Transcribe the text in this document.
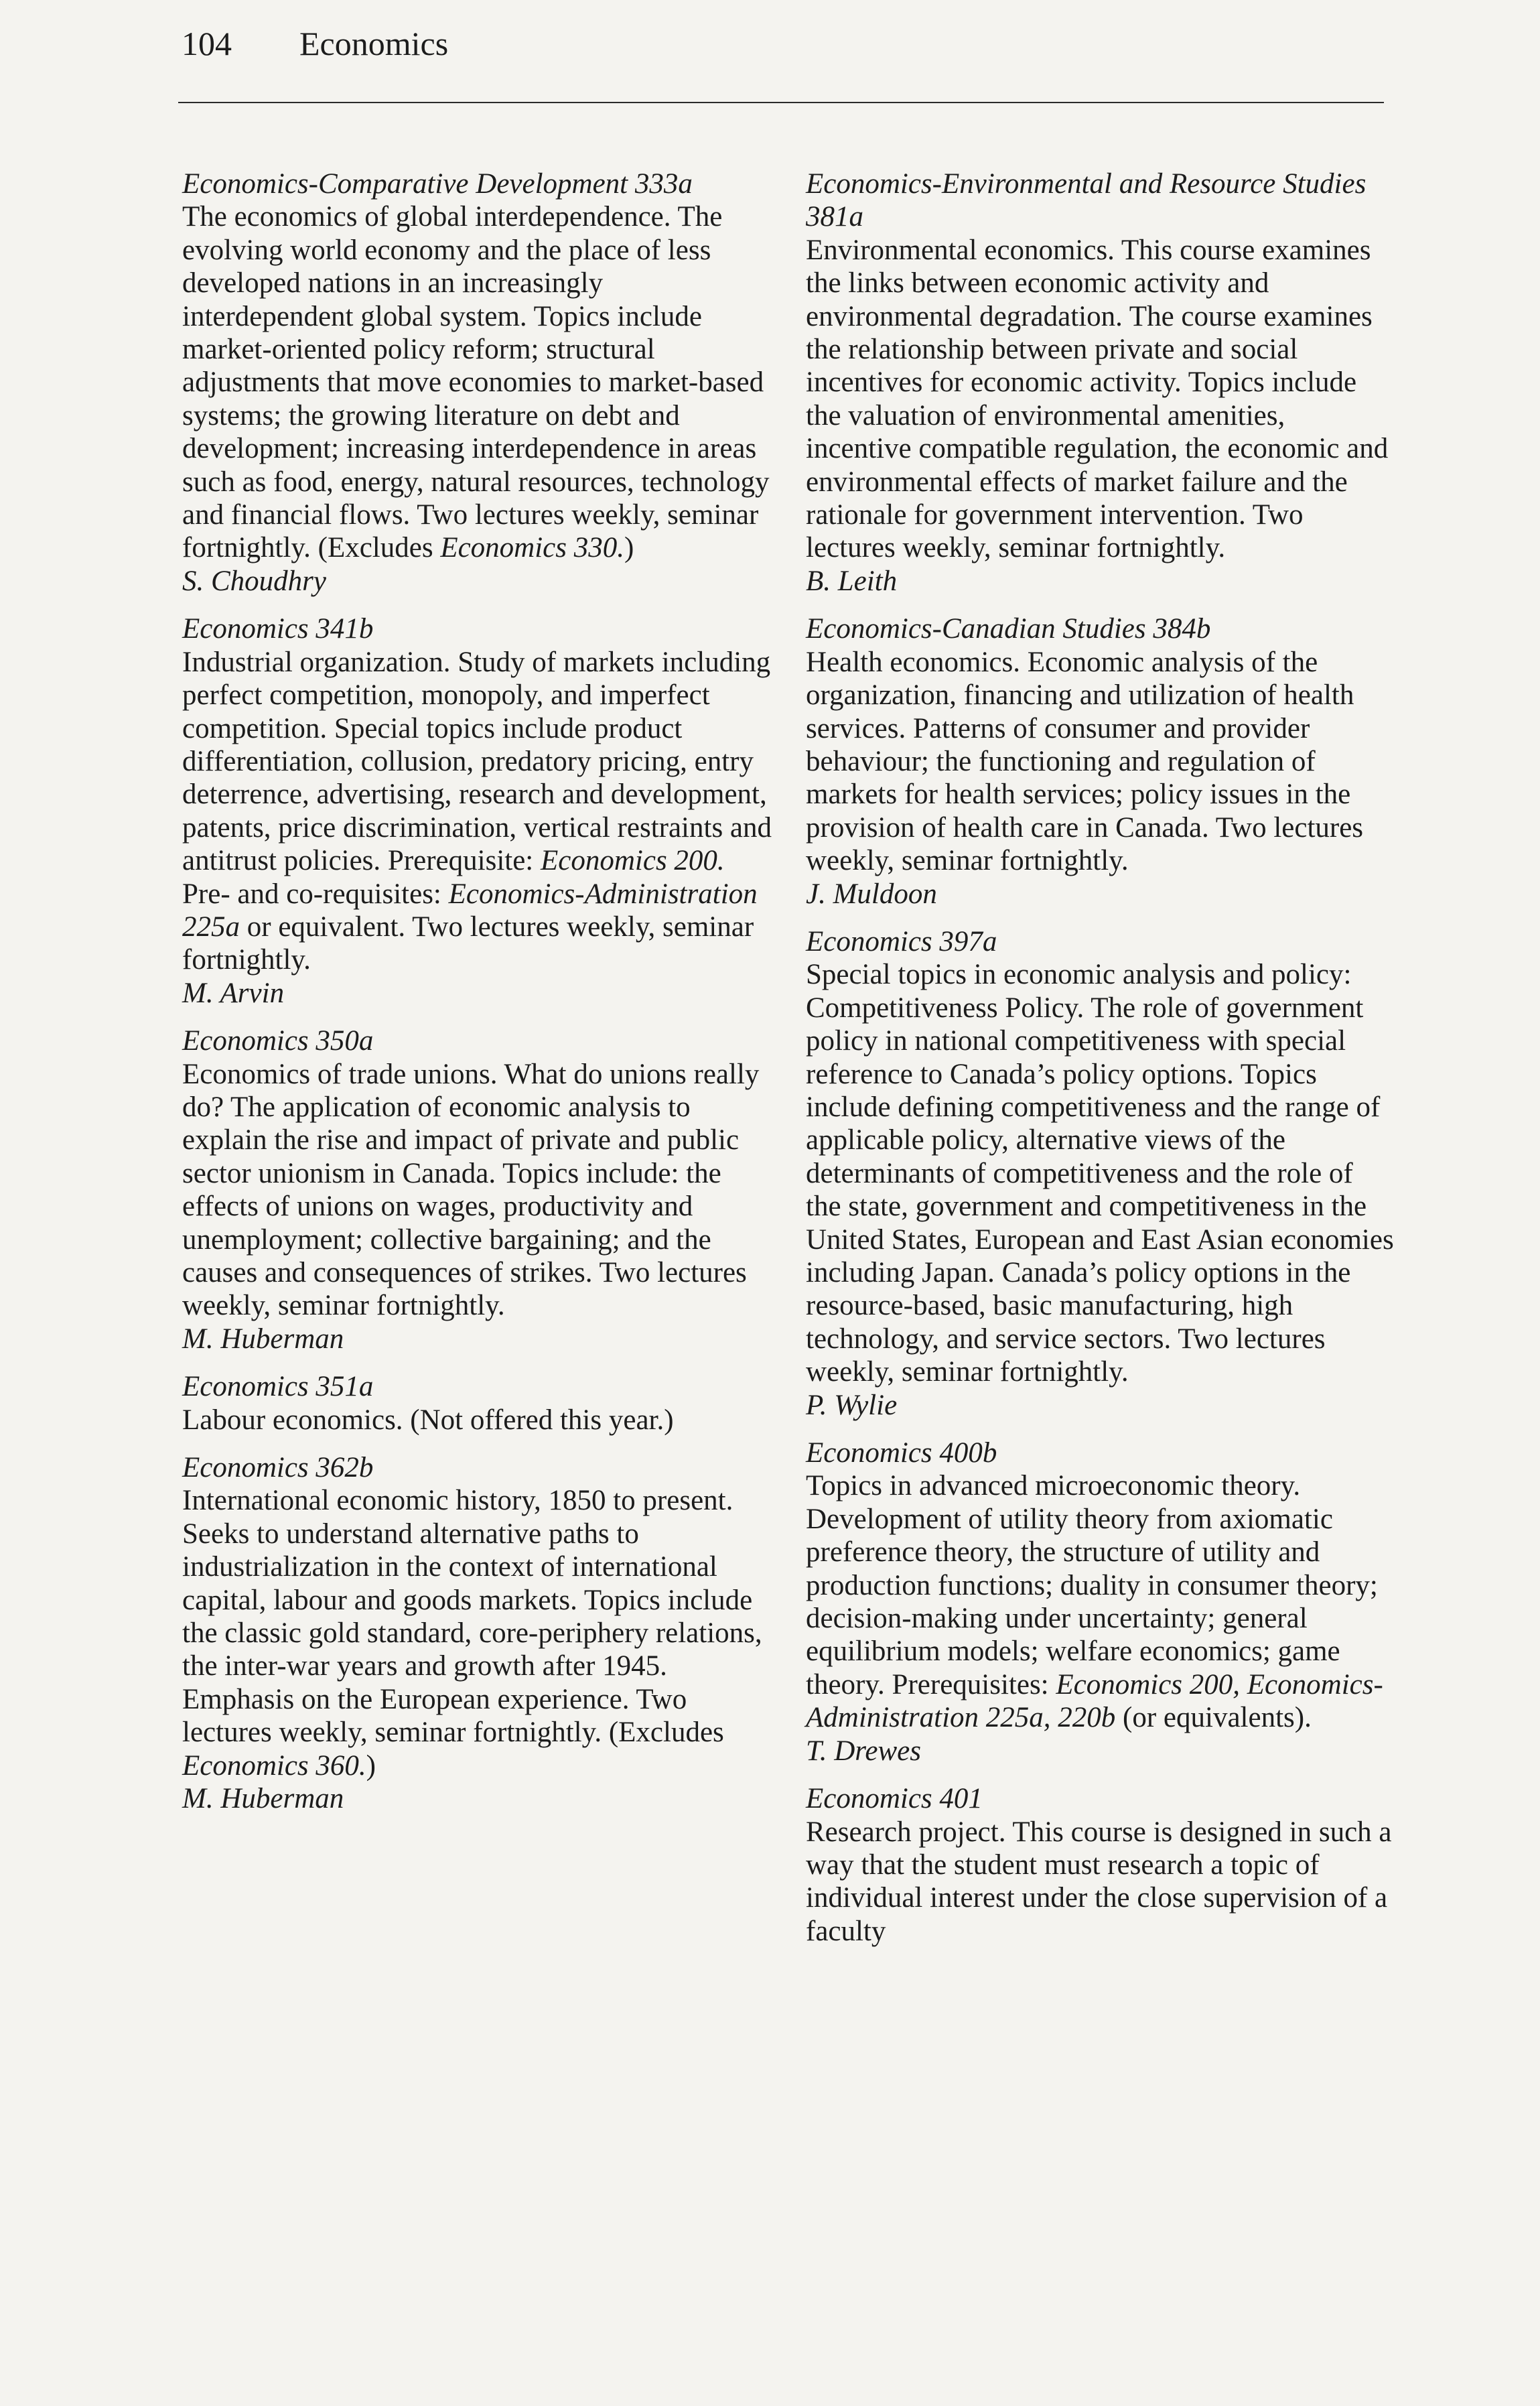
104 Economics
Economics-Comparative Development 333a
The economics of global interdependence. The evolving world economy and the place of less developed nations in an increasingly interdependent global system. Topics include market-oriented policy reform; structural adjustments that move economies to market-based systems; the growing literature on debt and development; increasing interdependence in areas such as food, energy, natural resources, technology and financial flows. Two lectures weekly, seminar fortnightly. (Excludes Economics 330.)
S. Choudhry
Economics 341b
Industrial organization. Study of markets including perfect competition, monopoly, and imperfect competition. Special topics include product differentiation, collusion, predatory pricing, entry deterrence, advertising, research and development, patents, price discrimination, vertical restraints and antitrust policies. Prerequisite: Economics 200. Pre- and co-requisites: Economics-Administration 225a or equivalent. Two lectures weekly, seminar fortnightly.
M. Arvin
Economics 350a
Economics of trade unions. What do unions really do? The application of economic analysis to explain the rise and impact of private and public sector unionism in Canada. Topics include: the effects of unions on wages, productivity and unemployment; collective bargaining; and the causes and consequences of strikes. Two lectures weekly, seminar fortnightly.
M. Huberman
Economics 351a
Labour economics. (Not offered this year.)
Economics 362b
International economic history, 1850 to present. Seeks to understand alternative paths to industrialization in the context of international capital, labour and goods markets. Topics include the classic gold standard, core-periphery relations, the inter-war years and growth after 1945. Emphasis on the European experience. Two lectures weekly, seminar fortnightly. (Excludes Economics 360.)
M. Huberman
Economics-Environmental and Resource Studies 381a
Environmental economics. This course examines the links between economic activity and environmental degradation. The course examines the relationship between private and social incentives for economic activity. Topics include the valuation of environmental amenities, incentive compatible regulation, the economic and environmental effects of market failure and the rationale for government intervention. Two lectures weekly, seminar fortnightly.
B. Leith
Economics-Canadian Studies 384b
Health economics. Economic analysis of the organization, financing and utilization of health services. Patterns of consumer and provider behaviour; the functioning and regulation of markets for health services; policy issues in the provision of health care in Canada. Two lectures weekly, seminar fortnightly.
J. Muldoon
Economics 397a
Special topics in economic analysis and policy: Competitiveness Policy. The role of government policy in national competitiveness with special reference to Canada’s policy options. Topics include defining competitiveness and the range of applicable policy, alternative views of the determinants of competitiveness and the role of the state, government and competitiveness in the United States, European and East Asian economies including Japan. Canada’s policy options in the resource-based, basic manufacturing, high technology, and service sectors. Two lectures weekly, seminar fortnightly.
P. Wylie
Economics 400b
Topics in advanced microeconomic theory. Development of utility theory from axiomatic preference theory, the structure of utility and production functions; duality in consumer theory; decision-making under uncertainty; general equilibrium models; welfare economics; game theory. Prerequisites: Economics 200, Economics-Administration 225a, 220b (or equivalents).
T. Drewes
Economics 401
Research project. This course is designed in such a way that the student must research a topic of individual interest under the close supervision of a faculty
